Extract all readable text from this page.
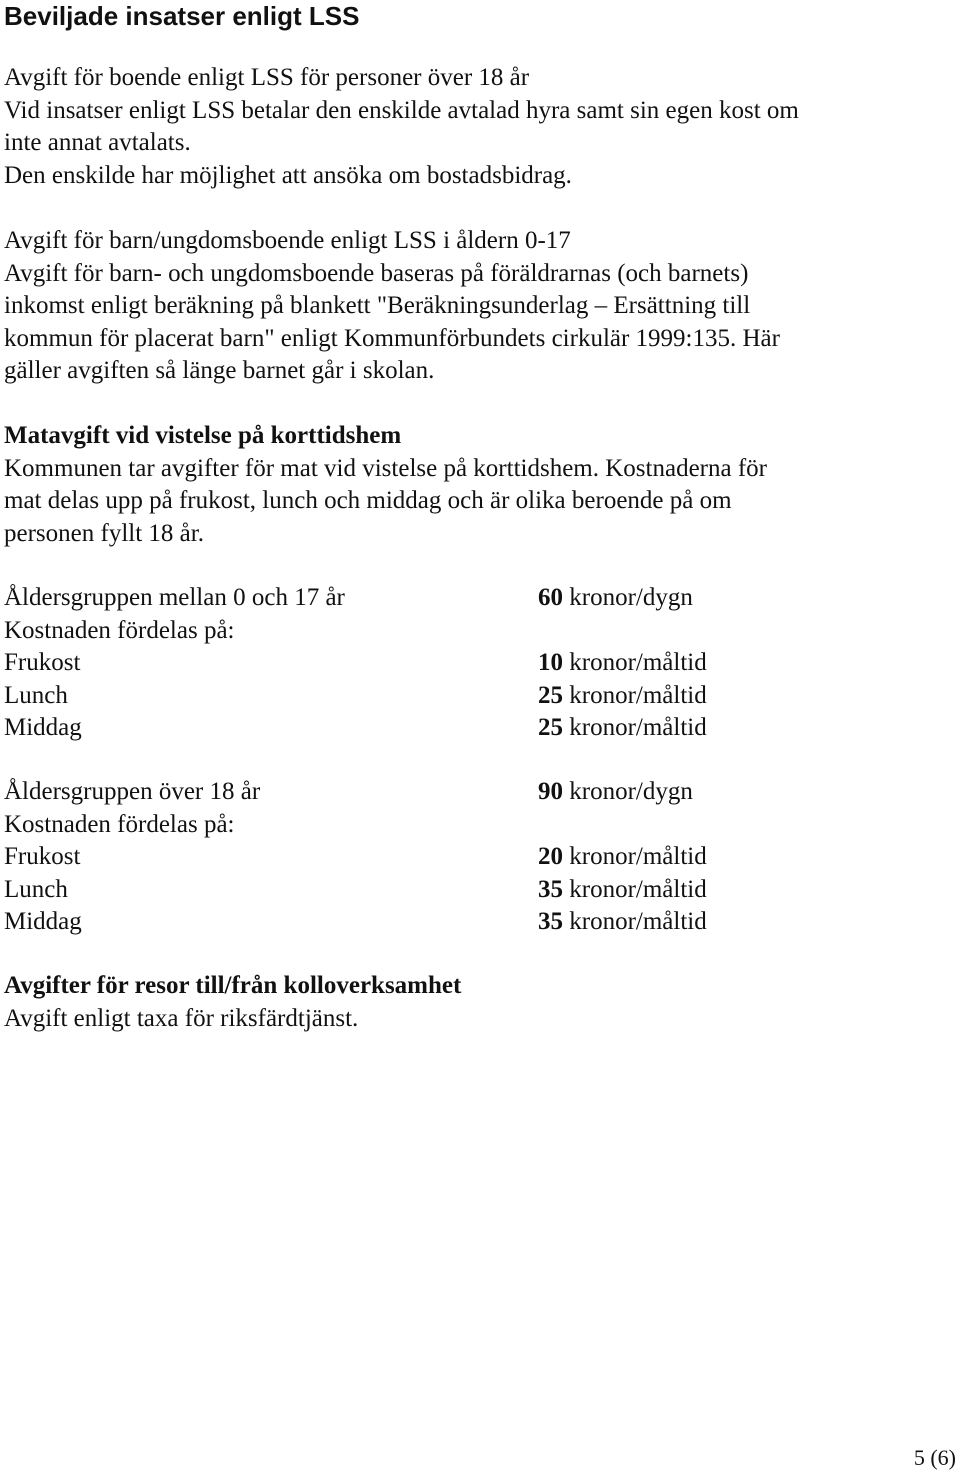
Beviljade insatser enligt LSS
Avgift för boende enligt LSS för personer över 18 år
Vid insatser enligt LSS betalar den enskilde avtalad hyra samt sin egen kost om
inte annat avtalats.
Den enskilde har möjlighet att ansöka om bostadsbidrag.
Avgift för barn/ungdomsboende enligt LSS i åldern 0-17
Avgift för barn- och ungdomsboende baseras på föräldrarnas (och barnets)
inkomst enligt beräkning på blankett "Beräkningsunderlag – Ersättning till
kommun för placerat barn" enligt Kommunförbundets cirkulär 1999:135. Här
gäller avgiften så länge barnet går i skolan.
Matavgift vid vistelse på korttidshem
Kommunen tar avgifter för mat vid vistelse på korttidshem. Kostnaderna för
mat delas upp på frukost, lunch och middag och är olika beroende på om
personen fyllt 18 år.
Åldersgruppen mellan 0 och 17 år	60 kronor/dygn
Kostnaden fördelas på:
Frukost	10 kronor/måltid
Lunch	25 kronor/måltid
Middag	25 kronor/måltid
Åldersgruppen över 18 år	90 kronor/dygn
Kostnaden fördelas på:
Frukost	20 kronor/måltid
Lunch	35 kronor/måltid
Middag	35 kronor/måltid
Avgifter för resor till/från kolloverksamhet
Avgift enligt taxa för riksfärdtjänst.
5 (6)
